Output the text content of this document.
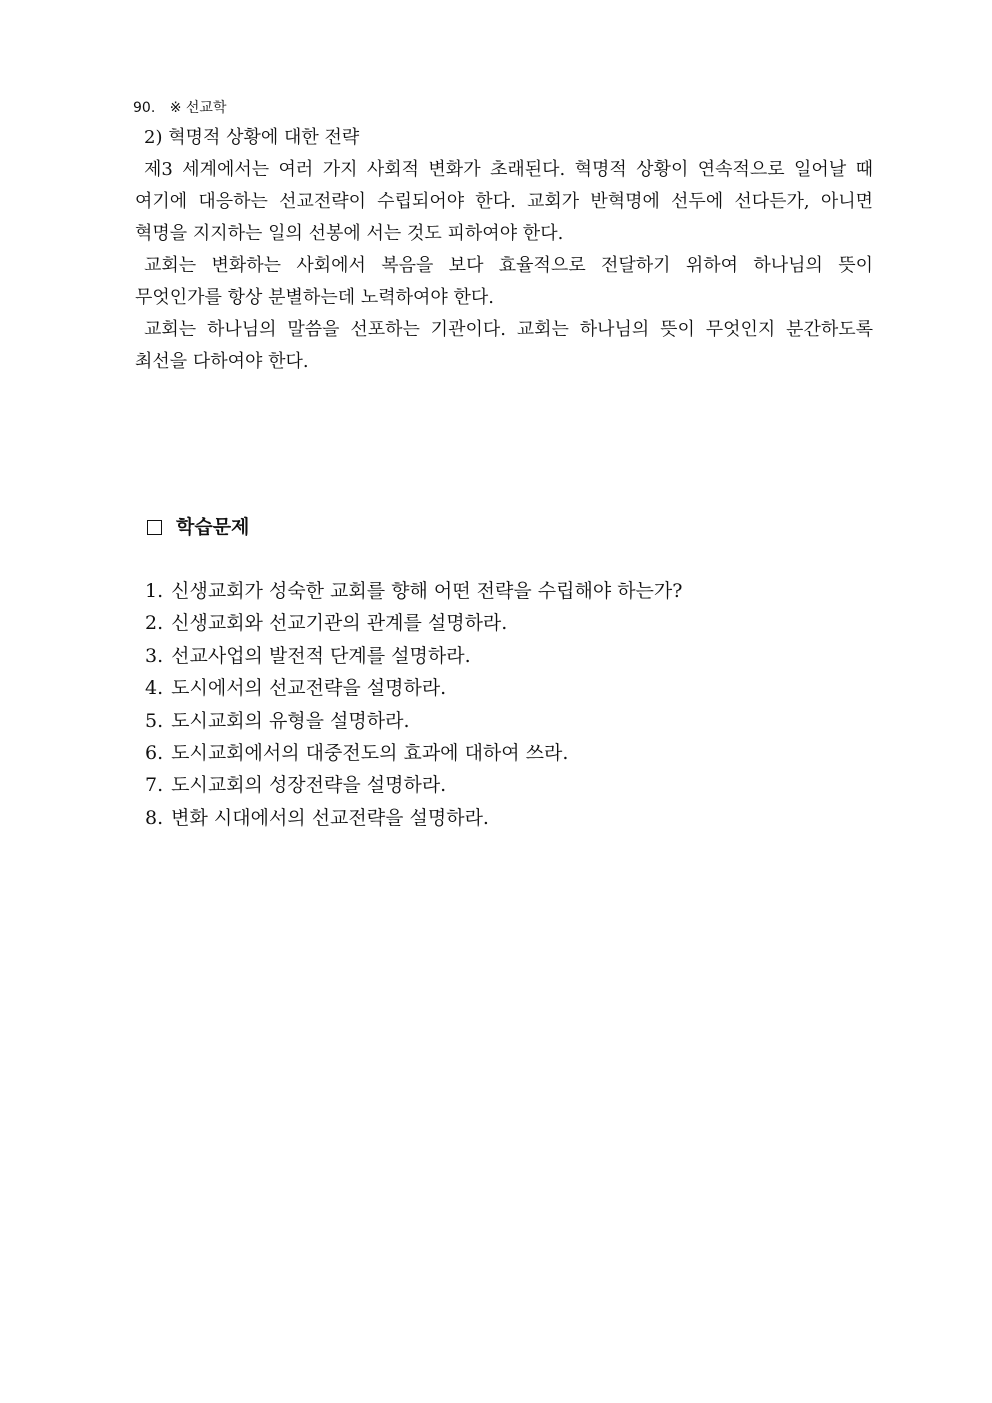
90. ※ 선교학
2) 혁명적 상황에 대한 전략

제3 세계에서는 여러 가지 사회적 변화가 초래된다. 혁명적 상황이 연속적으로 일어날 때 여기에 대응하는 선교전략이 수립되어야 한다. 교회가 반혁명에 선두에 선다든가, 아니면 혁명을 지지하는 일의 선봉에 서는 것도 피하여야 한다.

교회는 변화하는 사회에서 복음을 보다 효율적으로 전달하기 위하여 하나님의 뜻이 무엇인가를 항상 분별하는데 노력하여야 한다.

교회는 하나님의 말씀을 선포하는 기관이다. 교회는 하나님의 뜻이 무엇인지 분간하도록 최선을 다하여야 한다.

학습문제
1. 신생교회가 성숙한 교회를 향해 어떤 전략을 수립해야 하는가?
2. 신생교회와 선교기관의 관계를 설명하라.
3. 선교사업의 발전적 단계를 설명하라.
4. 도시에서의 선교전략을 설명하라.
5. 도시교회의 유형을 설명하라.
6. 도시교회에서의 대중전도의 효과에 대하여 쓰라.
7. 도시교회의 성장전략을 설명하라.
8. 변화 시대에서의 선교전략을 설명하라.
